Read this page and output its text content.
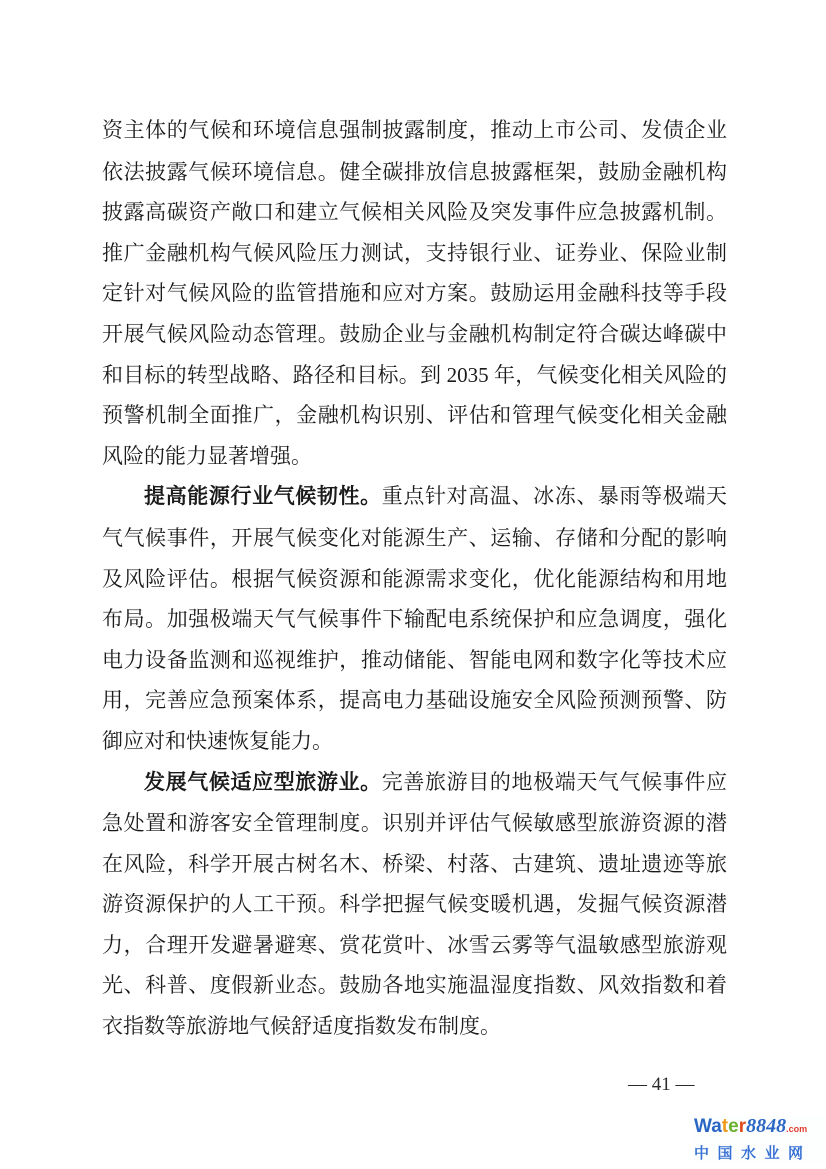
资主体的气候和环境信息强制披露制度，推动上市公司、发债企业依法披露气候环境信息。健全碳排放信息披露框架，鼓励金融机构披露高碳资产敞口和建立气候相关风险及突发事件应急披露机制。推广金融机构气候风险压力测试，支持银行业、证券业、保险业制定针对气候风险的监管措施和应对方案。鼓励运用金融科技等手段开展气候风险动态管理。鼓励企业与金融机构制定符合碳达峰碳中和目标的转型战略、路径和目标。到 2035 年，气候变化相关风险的预警机制全面推广，金融机构识别、评估和管理气候变化相关金融风险的能力显著增强。

提高能源行业气候韧性。重点针对高温、冰冻、暴雨等极端天气气候事件，开展气候变化对能源生产、运输、存储和分配的影响及风险评估。根据气候资源和能源需求变化，优化能源结构和用地布局。加强极端天气气候事件下输配电系统保护和应急调度，强化电力设备监测和巡视维护，推动储能、智能电网和数字化等技术应用，完善应急预案体系，提高电力基础设施安全风险预测预警、防御应对和快速恢复能力。

发展气候适应型旅游业。完善旅游目的地极端天气气候事件应急处置和游客安全管理制度。识别并评估气候敏感型旅游资源的潜在风险，科学开展古树名木、桥梁、村落、古建筑、遗址遗迹等旅游资源保护的人工干预。科学把握气候变暖机遇，发掘气候资源潜力，合理开发避暑避寒、赏花赏叶、冰雪云雾等气温敏感型旅游观光、科普、度假新业态。鼓励各地实施温湿度指数、风效指数和着衣指数等旅游地气候舒适度指数发布制度。

— 41 —
Water8848.com
中国水业网
